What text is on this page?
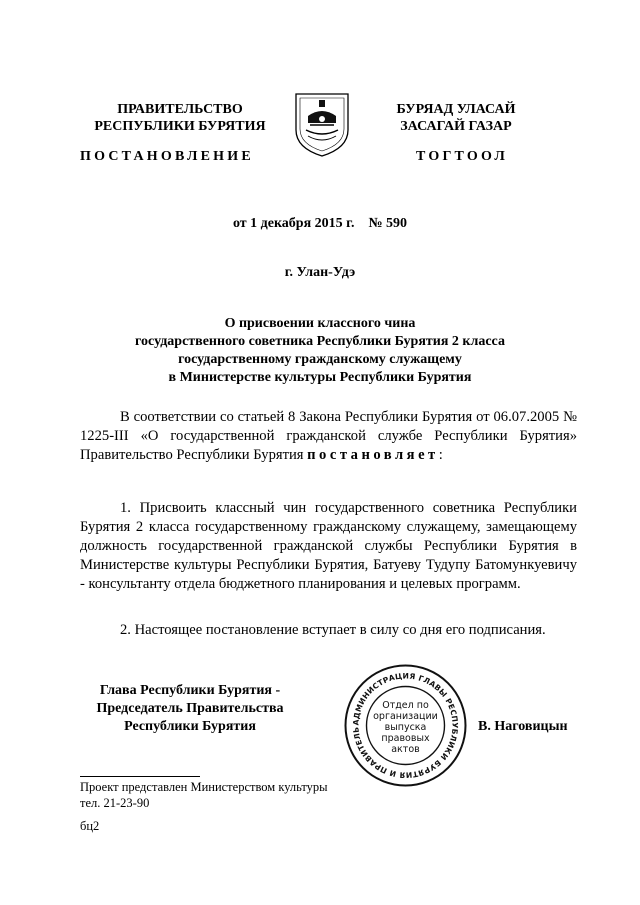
ПРАВИТЕЛЬСТВО
РЕСПУБЛИКИ БУРЯТИЯ
ПОСТАНОВЛЕНИЕ
БУРЯАД УЛАСАЙ
ЗАСАГАЙ ГАЗАР
ТОГТООЛ
от 1 декабря 2015 г. № 590
г. Улан-Удэ
О присвоении классного чина
государственного советника Республики Бурятия 2 класса
государственному гражданскому служащему
в Министерстве культуры Республики Бурятия
В соответствии со статьей 8 Закона Республики Бурятия от 06.07.2005 № 1225-III «О государственной гражданской службе Республики Бурятия» Правительство Республики Бурятия постановляет:
1. Присвоить классный чин государственного советника Республики Бурятия 2 класса государственному гражданскому служащему, замещающему должность государственной гражданской службы Республики Бурятия в Министерстве культуры Республики Бурятия, Батуеву Тудупу Батомункуевичу - консультанту отдела бюджетного планирования и целевых программ.
2. Настоящее постановление вступает в силу со дня его подписания.
Глава Республики Бурятия -
Председатель Правительства
Республики Бурятия	В. Наговицын
АДМИНИСТРАЦИЯ ГЛАВЫ РЕСПУБЛИКИ БУРЯТИЯ И ПРАВИТЕЛЬ
Отдел по
организации
выпуска
правовых
актов
Проект представлен Министерством культуры
тел. 21-23-90
бц2
